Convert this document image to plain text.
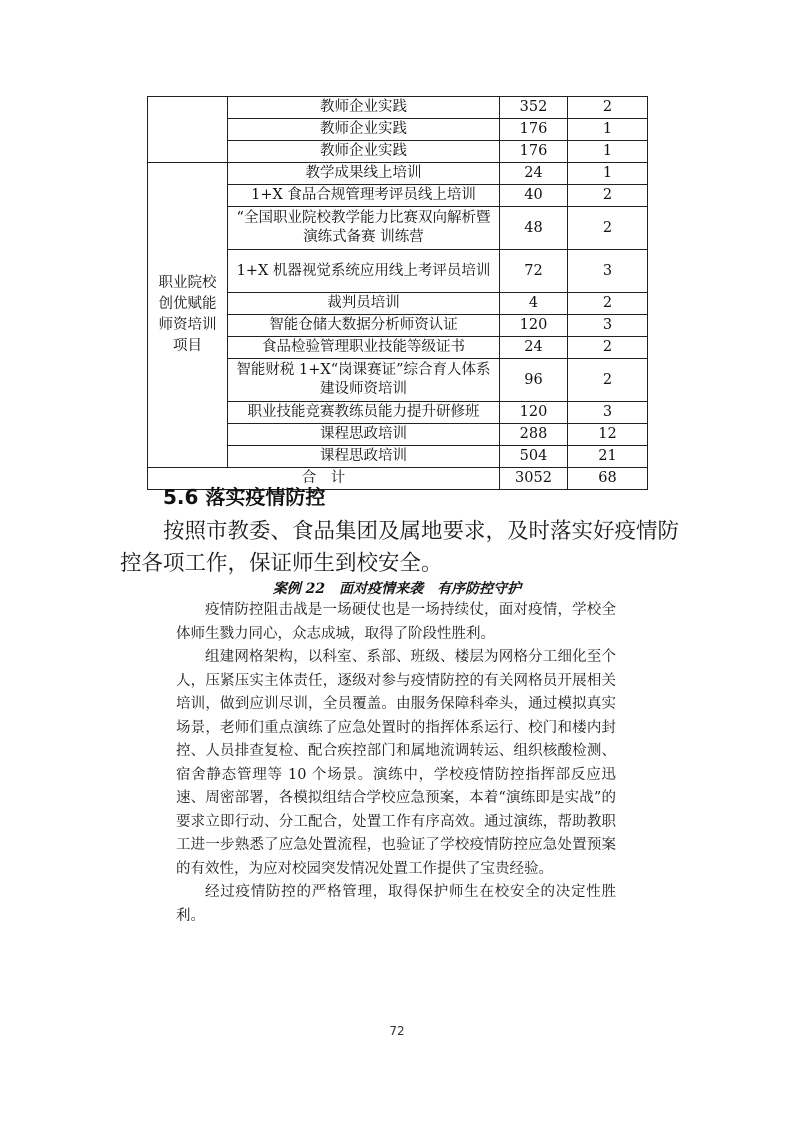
	教师企业实践	352	2
	教师企业实践	176	1
	教师企业实践	176	1
职业院校创优赋能师资培训项目	教学成果线上培训	24	1
	1+X 食品合规管理考评员线上培训	40	2
	“全国职业院校教学能力比赛双向解析暨演练式备赛 训练营	48	2
	1+X 机器视觉系统应用线上考评员培训	72	3
	裁判员培训	4	2
	智能仓储大数据分析师资认证	120	3
	食品检验管理职业技能等级证书	24	2
	智能财税 1+X“岗课赛证”综合育人体系建设师资培训	96	2
	职业技能竞赛教练员能力提升研修班	120	3
	课程思政培训	288	12
	课程思政培训	504	21
合　计		3052	68
5.6 落实疫情防控

按照市教委、食品集团及属地要求，及时落实好疫情防控各项工作，保证师生到校安全。

案例 22　面对疫情来袭　有序防控守护

疫情防控阻击战是一场硬仗也是一场持续仗，面对疫情，学校全体师生戮力同心，众志成城，取得了阶段性胜利。

组建网格架构，以科室、系部、班级、楼层为网格分工细化至个人，压紧压实主体责任，逐级对参与疫情防控的有关网格员开展相关培训，做到应训尽训，全员覆盖。由服务保障科牵头，通过模拟真实场景，老师们重点演练了应急处置时的指挥体系运行、校门和楼内封控、人员排查复检、配合疾控部门和属地流调转运、组织核酸检测、宿舍静态管理等 10 个场景。演练中，学校疫情防控指挥部反应迅速、周密部署，各模拟组结合学校应急预案，本着“演练即是实战”的要求立即行动、分工配合，处置工作有序高效。通过演练，帮助教职工进一步熟悉了应急处置流程，也验证了学校疫情防控应急处置预案的有效性，为应对校园突发情况处置工作提供了宝贵经验。

经过疫情防控的严格管理，取得保护师生在校安全的决定性胜利。

72
